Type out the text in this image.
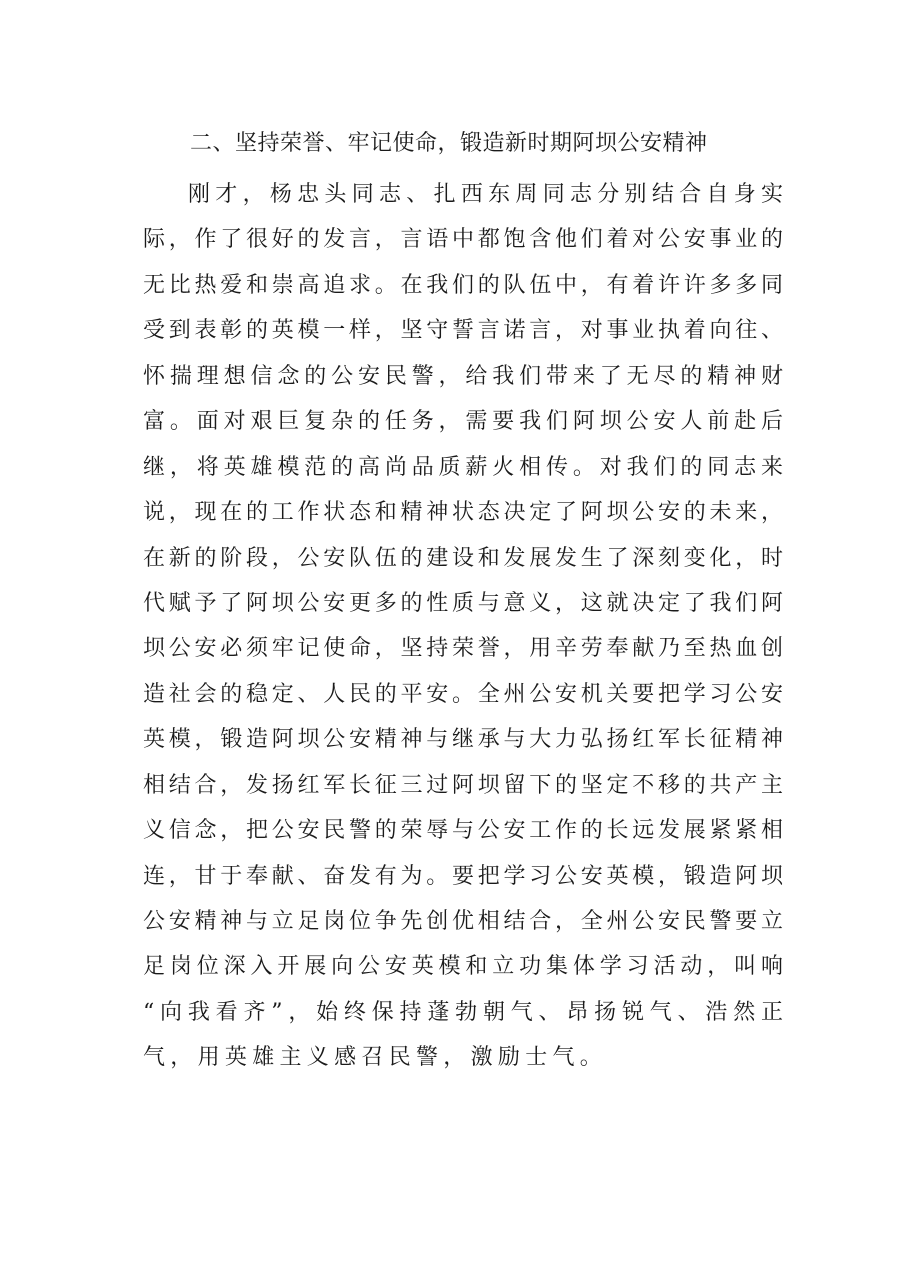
二、坚持荣誉、牢记使命，锻造新时期阿坝公安精神
刚才，杨忠头同志、扎西东周同志分别结合自身实
际，作了很好的发言，言语中都饱含他们着对公安事业的
无比热爱和崇高追求。在我们的队伍中，有着许许多多同
受到表彰的英模一样，坚守誓言诺言，对事业执着向往、
怀揣理想信念的公安民警，给我们带来了无尽的精神财
富。面对艰巨复杂的任务，需要我们阿坝公安人前赴后
继，将英雄模范的高尚品质薪火相传。对我们的同志来
说，现在的工作状态和精神状态决定了阿坝公安的未来，
在新的阶段，公安队伍的建设和发展发生了深刻变化，时
代赋予了阿坝公安更多的性质与意义，这就决定了我们阿
坝公安必须牢记使命，坚持荣誉，用辛劳奉献乃至热血创
造社会的稳定、人民的平安。全州公安机关要把学习公安
英模，锻造阿坝公安精神与继承与大力弘扬红军长征精神
相结合，发扬红军长征三过阿坝留下的坚定不移的共产主
义信念，把公安民警的荣辱与公安工作的长远发展紧紧相
连，甘于奉献、奋发有为。要把学习公安英模，锻造阿坝
公安精神与立足岗位争先创优相结合，全州公安民警要立
足岗位深入开展向公安英模和立功集体学习活动，叫响
“向我看齐”，始终保持蓬勃朝气、昂扬锐气、浩然正
气，用英雄主义感召民警，激励士气。
